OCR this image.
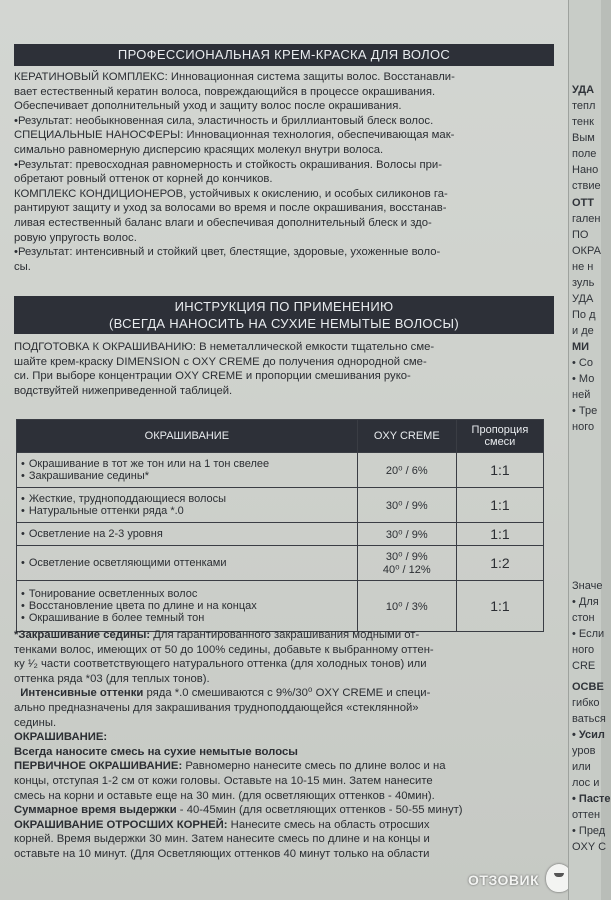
ПРОФЕССИОНАЛЬНАЯ КРЕМ-КРАСКА ДЛЯ ВОЛОС
КЕРАТИНОВЫЙ КОМПЛЕКС: Инновационная система защиты волос. Восстанавли-
вает естественный кератин волоса, повреждающийся в процессе окрашивания.
Обеспечивает дополнительный уход и защиту волос после окрашивания.
•Результат: необыкновенная сила, эластичность и бриллиантовый блеск волос.
СПЕЦИАЛЬНЫЕ НАНОСФЕРЫ: Инновационная технология, обеспечивающая мак-
симально равномерную дисперсию красящих молекул внутри волоса.
•Результат: превосходная равномерность и стойкость окрашивания. Волосы при-
обретают ровный оттенок от корней до кончиков.
КОМПЛЕКС КОНДИЦИОНЕРОВ, устойчивых к окислению, и особых силиконов га-
рантируют защиту и уход за волосами во время и после окрашивания, восстанав-
ливая естественный баланс влаги и обеспечивая дополнительный блеск и здо-
ровую упругость волос.
•Результат: интенсивный и стойкий цвет, блестящие, здоровые, ухоженные воло-
сы.
ИНСТРУКЦИЯ ПО ПРИМЕНЕНИЮ
(ВСЕГДА НАНОСИТЬ НА СУХИЕ НЕМЫТЫЕ ВОЛОСЫ)
ПОДГОТОВКА К ОКРАШИВАНИЮ: В неметаллической емкости тщательно сме-
шайте крем-краску DIMENSION с OXY CREME до получения однородной сме-
си. При выборе концентрации OXY CREME и пропорции смешивания руко-
водствуйтей нижеприведенной таблицей.
ОКРАШИВАНИЕ	OXY CREME	Пропорция
смеси

• Окрашивание в тот же тон или на 1 тон свелее
• Закрашивание седины*	20⁰ / 6%	1:1

• Жесткие, трудноподдающиеся волосы
• Натуральные оттенки ряда *.0	30⁰ / 9%	1:1

• Осветление на 2-3 уровня	30⁰ / 9%	1:1

• Осветление осветляющими оттенками	30⁰ / 9%
40⁰ / 12%	1:2

• Тонирование осветленных волос
• Восстановление цвета по длине и на концах
• Окрашивание в более темный тон	10⁰ / 3%	1:1
*Закрашивание седины: Для гарантированного закрашивания модными от-
тенками волос, имеющих от 50 до 100% седины, добавьте к выбранному оттен-
ку ¹⁄₂ части соответствующего натурального оттенка (для холодных тонов) или
оттенка ряда *03 (для теплых тонов).
Интенсивные оттенки ряда *.0 смешиваются с 9%/30⁰ OXY CREME и специ-
ально предназначены для закрашивания трудноподдающейся «стеклянной»
седины.
ОКРАШИВАНИЕ:
Всегда наносите смесь на сухие немытые волосы
ПЕРВИЧНОЕ ОКРАШИВАНИЕ: Равномерно нанесите смесь по длине волос и на
концы, отступая 1-2 см от кожи головы. Оставьте на 10-15 мин. Затем нанесите
смесь на корни и оставьте еще на 30 мин. (для осветляющих оттенков - 40мин).
Суммарное время выдержки - 40-45мин (для осветляющих оттенков - 50-55 минут)
ОКРАШИВАНИЕ ОТРОСШИХ КОРНЕЙ: Нанесите смесь на область отросших
корней. Время выдержки 30 мин. Затем нанесите смесь по длине и на концы и
оставьте на 10 минут. (Для Осветляющих оттенков 40 минут только на области
ОТЗОВИК
УДА
тепл
тенк
Вым
поле
Нано
ствие
ОТТ
гален
ПО
ОКРА
не н
зуль
УДА
По д
и де
МИ
• Со
• Мо
ней
• Тре
ного
Значе
• Для
стон
• Если
ного
CRE
ОСВЕ
гибко
ваться
• Усил
уров
или
лос и
• Пасте
оттен
• Пред
OXY C
